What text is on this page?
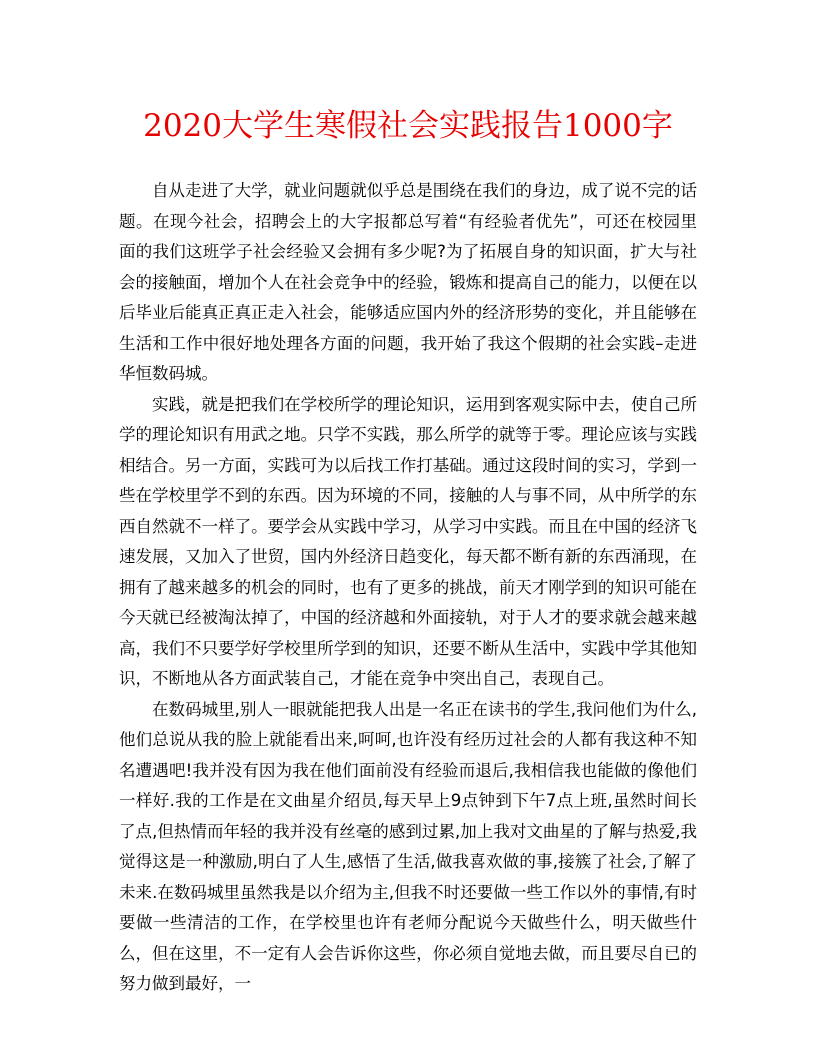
2020大学生寒假社会实践报告1000字

自从走进了大学，就业问题就似乎总是围绕在我们的身边，成了说不完的话题。在现今社会，招聘会上的大字报都总写着“有经验者优先”，可还在校园里面的我们这班学子社会经验又会拥有多少呢?为了拓展自身的知识面，扩大与社会的接触面，增加个人在社会竞争中的经验，锻炼和提高自己的能力，以便在以后毕业后能真正真正走入社会，能够适应国内外的经济形势的变化，并且能够在生活和工作中很好地处理各方面的问题，我开始了我这个假期的社会实践–走进华恒数码城。

实践，就是把我们在学校所学的理论知识，运用到客观实际中去，使自己所学的理论知识有用武之地。只学不实践，那么所学的就等于零。理论应该与实践相结合。另一方面，实践可为以后找工作打基础。通过这段时间的实习，学到一些在学校里学不到的东西。因为环境的不同，接触的人与事不同，从中所学的东西自然就不一样了。要学会从实践中学习，从学习中实践。而且在中国的经济飞速发展，又加入了世贸，国内外经济日趋变化，每天都不断有新的东西涌现，在拥有了越来越多的机会的同时，也有了更多的挑战，前天才刚学到的知识可能在今天就已经被淘汰掉了，中国的经济越和外面接轨，对于人才的要求就会越来越高，我们不只要学好学校里所学到的知识，还要不断从生活中，实践中学其他知识，不断地从各方面武装自己，才能在竞争中突出自己，表现自己。

在数码城里,别人一眼就能把我人出是一名正在读书的学生,我问他们为什么,他们总说从我的脸上就能看出来,呵呵,也许没有经历过社会的人都有我这种不知名遭遇吧!我并没有因为我在他们面前没有经验而退后,我相信我也能做的像他们一样好.我的工作是在文曲星介绍员,每天早上9点钟到下午7点上班,虽然时间长了点,但热情而年轻的我并没有丝毫的感到过累,加上我对文曲星的了解与热爱,我觉得这是一种激励,明白了人生,感悟了生活,做我喜欢做的事,接簇了社会,了解了未来.在数码城里虽然我是以介绍为主,但我不时还要做一些工作以外的事情,有时要做一些清洁的工作，在学校里也许有老师分配说今天做些什么，明天做些什么，但在这里，不一定有人会告诉你这些，你必须自觉地去做，而且要尽自已的努力做到最好，一
